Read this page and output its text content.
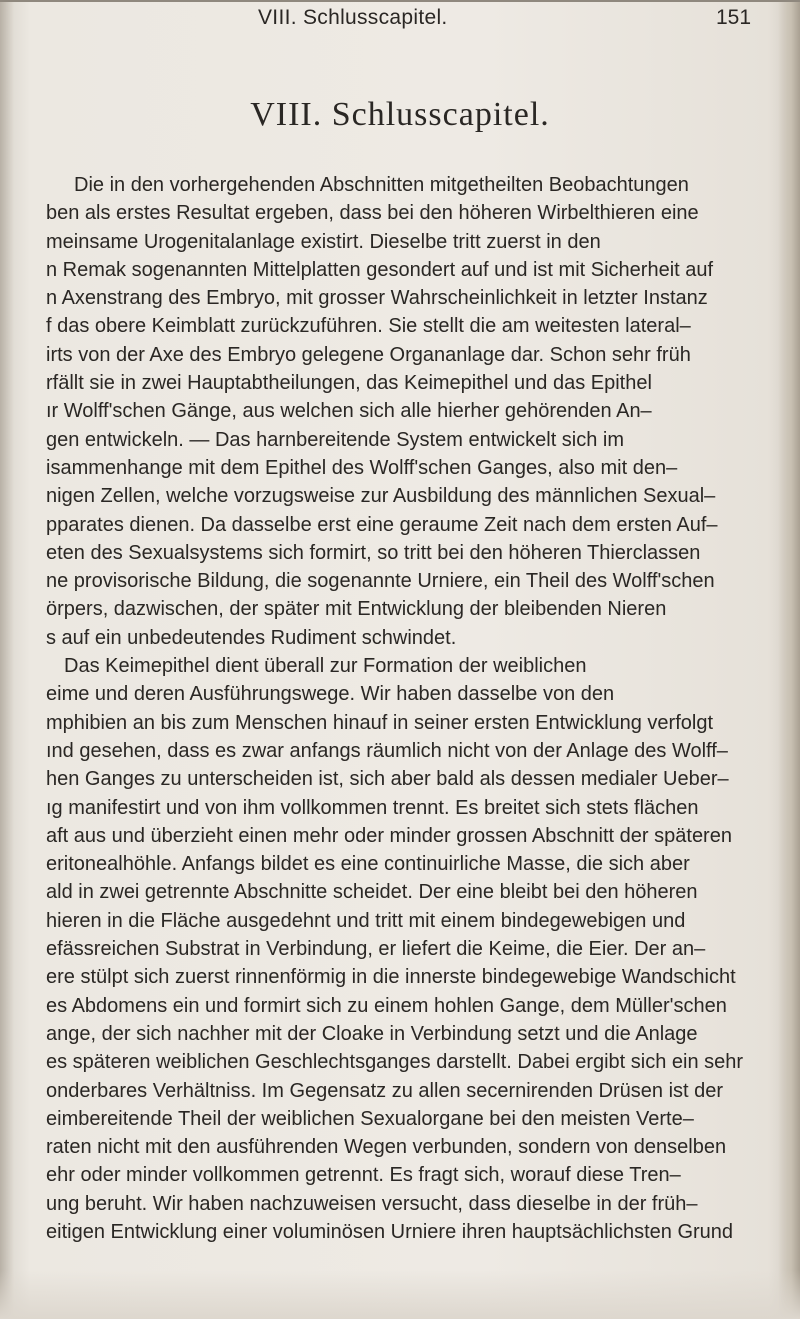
VIII. Schlusscapitel.	151
VIII. Schlusscapitel.
Die in den vorhergehenden Abschnitten mitgetheilten Beobachtungen
ben als erstes Resultat ergeben, dass bei den höheren Wirbelthieren eine
meinsame Urogenitalanlage existirt. Dieselbe tritt zuerst in den
n Remak sogenannten Mittelplatten gesondert auf und ist mit Sicherheit auf
n Axenstrang des Embryo, mit grosser Wahrscheinlichkeit in letzter Instanz
f das obere Keimblatt zurückzuführen. Sie stellt die am weitesten lateral–
irts von der Axe des Embryo gelegene Organanlage dar. Schon sehr früh
rfällt sie in zwei Hauptabtheilungen, das Keimepithel und das Epithel
ır Wolff'schen Gänge, aus welchen sich alle hierher gehörenden An–
gen entwickeln. — Das harnbereitende System entwickelt sich im
isammenhange mit dem Epithel des Wolff'schen Ganges, also mit den–
nigen Zellen, welche vorzugsweise zur Ausbildung des männlichen Sexual–
pparates dienen. Da dasselbe erst eine geraume Zeit nach dem ersten Auf–
eten des Sexualsystems sich formirt, so tritt bei den höheren Thierclassen
ne provisorische Bildung, die sogenannte Urniere, ein Theil des Wolff'schen
örpers, dazwischen, der später mit Entwicklung der bleibenden Nieren
s auf ein unbedeutendes Rudiment schwindet.
Das Keimepithel dient überall zur Formation der weiblichen
eime und deren Ausführungswege. Wir haben dasselbe von den
mphibien an bis zum Menschen hinauf in seiner ersten Entwicklung verfolgt
ınd gesehen, dass es zwar anfangs räumlich nicht von der Anlage des Wolff–
hen Ganges zu unterscheiden ist, sich aber bald als dessen medialer Ueber–
ıg manifestirt und von ihm vollkommen trennt. Es breitet sich stets flächen
aft aus und überzieht einen mehr oder minder grossen Abschnitt der späteren
eritonealhöhle. Anfangs bildet es eine continuirliche Masse, die sich aber
ald in zwei getrennte Abschnitte scheidet. Der eine bleibt bei den höheren
hieren in die Fläche ausgedehnt und tritt mit einem bindegewebigen und
efässreichen Substrat in Verbindung, er liefert die Keime, die Eier. Der an–
ere stülpt sich zuerst rinnenförmig in die innerste bindegewebige Wandschicht
es Abdomens ein und formirt sich zu einem hohlen Gange, dem Müller'schen
ange, der sich nachher mit der Cloake in Verbindung setzt und die Anlage
es späteren weiblichen Geschlechtsganges darstellt. Dabei ergibt sich ein sehr
onderbares Verhältniss. Im Gegensatz zu allen secernirenden Drüsen ist der
eimbereitende Theil der weiblichen Sexualorgane bei den meisten Verte–
raten nicht mit den ausführenden Wegen verbunden, sondern von denselben
ehr oder minder vollkommen getrennt. Es fragt sich, worauf diese Tren–
ung beruht. Wir haben nachzuweisen versucht, dass dieselbe in der früh–
eitigen Entwicklung einer voluminösen Urniere ihren hauptsächlichsten Grund
